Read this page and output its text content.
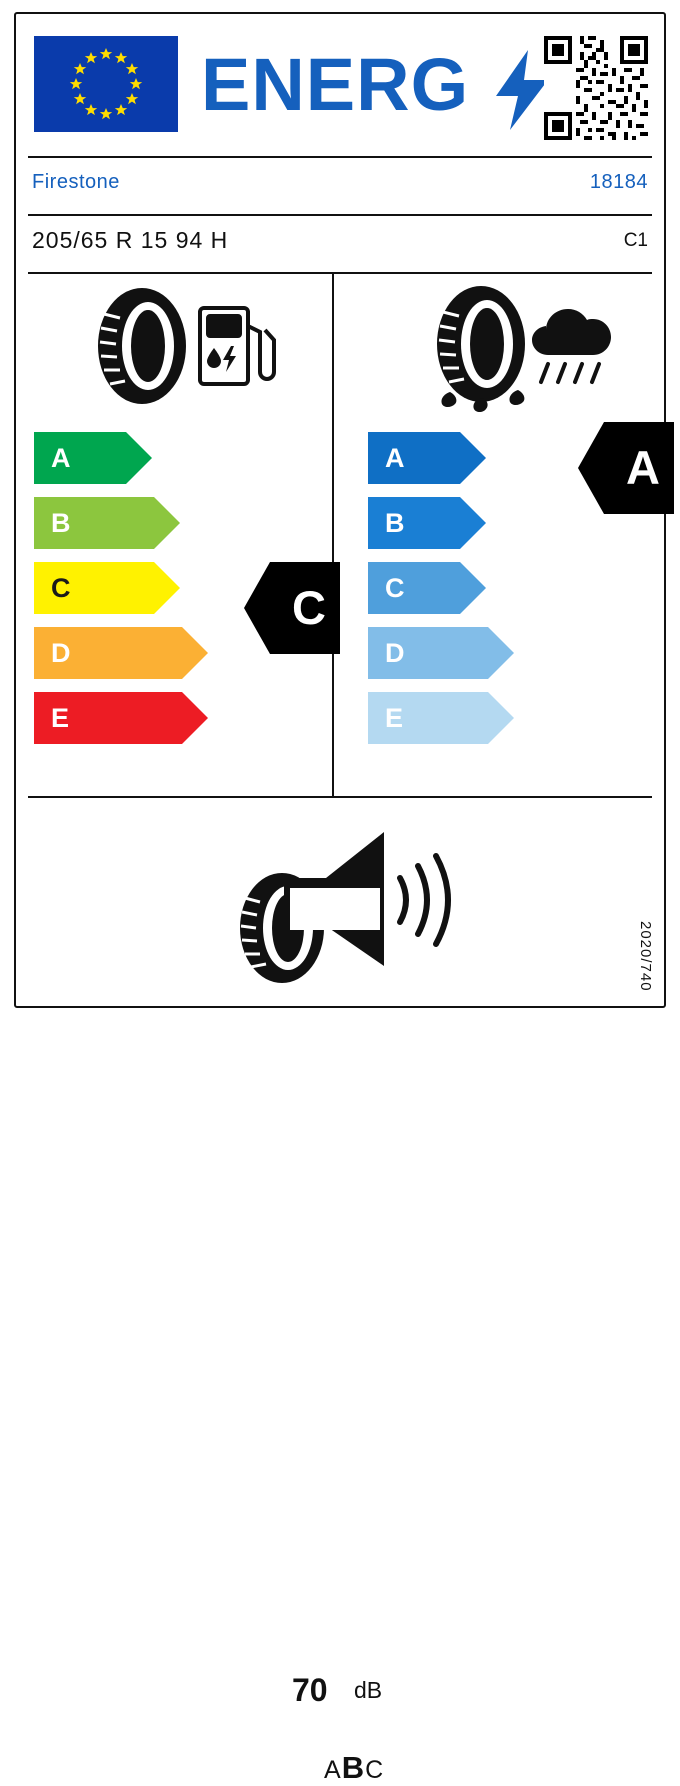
ENERG
Firestone	18184
205/65 R 15 94 H	C1
A
B
C
D
E
A
B
C
D
E
C
A
70 dB
ABC
2020/740
